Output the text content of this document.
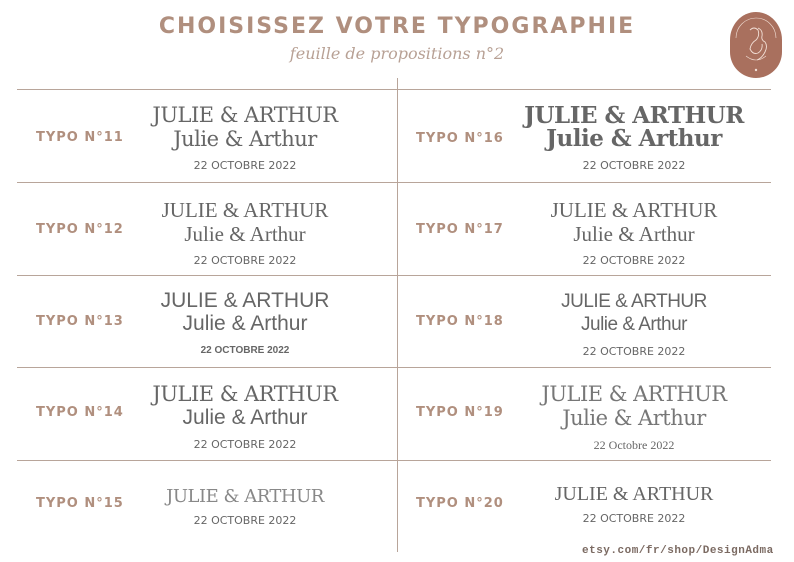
CHOISISSEZ VOTRE TYPOGRAPHIE
feuille de propositions n°2
TYPO N°11
JULIE & ARTHUR
Julie & Arthur
22 OCTOBRE 2022
TYPO N°12
JULIE & ARTHUR
Julie & Arthur
22 OCTOBRE 2022
TYPO N°13
JULIE & ARTHUR
Julie & Arthur
22 OCTOBRE 2022
TYPO N°14
JULIE & ARTHUR
Julie & Arthur
22 OCTOBRE 2022
TYPO N°15	JULIE & ARTHUR
22 OCTOBRE 2022
TYPO N°16
JULIE & ARTHUR
Julie & Arthur
22 OCTOBRE 2022
TYPO N°17
JULIE & ARTHUR
Julie & Arthur
22 OCTOBRE 2022
TYPO N°18
JULIE & ARTHUR
Julie & Arthur
22 OCTOBRE 2022
TYPO N°19
JULIE & ARTHUR
Julie & Arthur
22 Octobre 2022
TYPO N°20	JULIE & ARTHUR
22 OCTOBRE 2022
etsy.com/fr/shop/DesignAdma
